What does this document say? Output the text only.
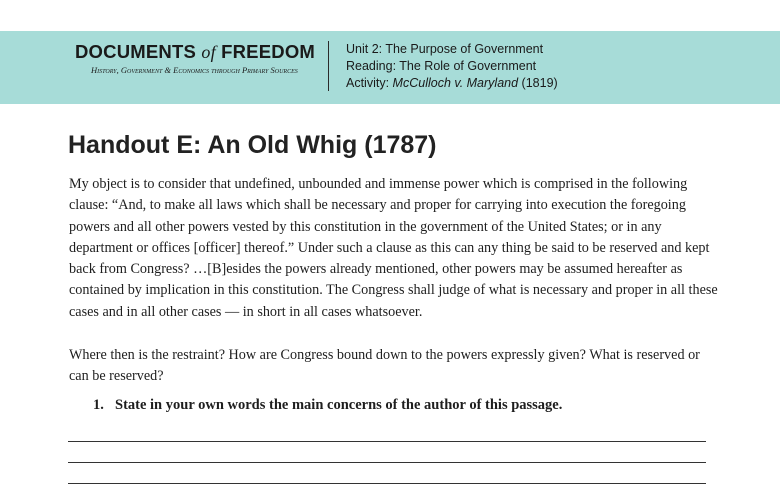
DOCUMENTS of FREEDOM
History, Government & Economics through Primary Sources
Unit 2: The Purpose of Government
Reading: The Role of Government
Activity: McCulloch v. Maryland (1819)
Handout E: An Old Whig (1787)

My object is to consider that undefined, unbounded and immense power which is comprised in the following clause: “And, to make all laws which shall be necessary and proper for carrying into execution the foregoing powers and all other powers vested by this constitution in the government of the United States; or in any department or offices [officer] thereof.” Under such a clause as this can any thing be said to be reserved and kept back from Congress? …[B]esides the powers already mentioned, other powers may be assumed hereafter as contained by implication in this constitution. The Congress shall judge of what is necessary and proper in all these cases and in all other cases — in short in all cases whatsoever.

Where then is the restraint? How are Congress bound down to the powers expressly given? What is reserved or can be reserved?

1. State in your own words the main concerns of the author of this passage.
